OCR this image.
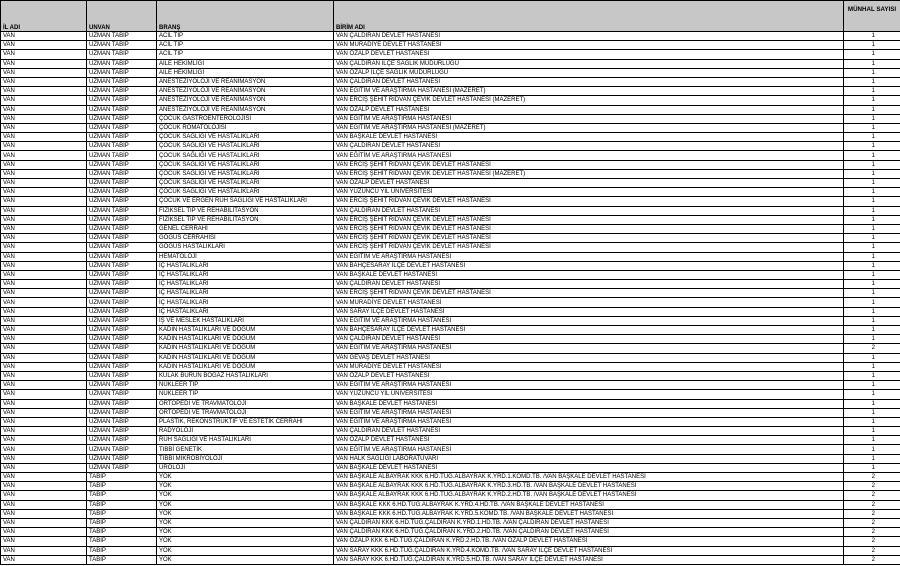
İL ADI	UNVAN	BRANŞ	BİRİM ADI	MÜNHAL SAYISI
VAN	UZMAN TABİP	ACİL TIP	VAN ÇALDIRAN DEVLET HASTANESİ	1
VAN	UZMAN TABİP	ACİL TIP	VAN MURADİYE DEVLET HASTANESİ	1
VAN	UZMAN TABİP	ACİL TIP	VAN ÖZALP DEVLET HASTANESİ	1
VAN	UZMAN TABİP	AİLE HEKİMLİĞİ	VAN ÇALDIRAN İLÇE SAĞLIK MÜDÜRLÜĞÜ	1
VAN	UZMAN TABİP	AİLE HEKİMLİĞİ	VAN ÖZALP İLÇE SAĞLIK MÜDÜRLÜĞÜ	1
VAN	UZMAN TABİP	ANESTEZİYOLOJİ VE REANİMASYON	VAN ÇALDIRAN DEVLET HASTANESİ	1
VAN	UZMAN TABİP	ANESTEZİYOLOJİ VE REANİMASYON	VAN EĞİTİM VE ARAŞTIRMA HASTANESİ (MAZERET)	1
VAN	UZMAN TABİP	ANESTEZİYOLOJİ VE REANİMASYON	VAN ERCİŞ ŞEHİT RIDVAN ÇEVİK DEVLET HASTANESİ (MAZERET)	1
VAN	UZMAN TABİP	ANESTEZİYOLOJİ VE REANİMASYON	VAN ÖZALP DEVLET HASTANESİ	1
VAN	UZMAN TABİP	ÇOCUK GASTROENTEROLOJİSİ	VAN EĞİTİM VE ARAŞTIRMA HASTANESİ	1
VAN	UZMAN TABİP	ÇOCUK ROMATOLOJİSİ	VAN EĞİTİM VE ARAŞTIRMA HASTANESİ (MAZERET)	1
VAN	UZMAN TABİP	ÇOCUK SAĞLIĞI VE HASTALIKLARI	VAN BAŞKALE DEVLET HASTANESİ	1
VAN	UZMAN TABİP	ÇOCUK SAĞLIĞI VE HASTALIKLARI	VAN ÇALDIRAN DEVLET HASTANESİ	1
VAN	UZMAN TABİP	ÇOCUK SAĞLIĞI VE HASTALIKLARI	VAN EĞİTİM VE ARAŞTIRMA HASTANESİ	1
VAN	UZMAN TABİP	ÇOCUK SAĞLIĞI VE HASTALIKLARI	VAN ERCİŞ ŞEHİT RIDVAN ÇEVİK DEVLET HASTANESİ	1
VAN	UZMAN TABİP	ÇOCUK SAĞLIĞI VE HASTALIKLARI	VAN ERCİŞ ŞEHİT RIDVAN ÇEVİK DEVLET HASTANESİ (MAZERET)	1
VAN	UZMAN TABİP	ÇOCUK SAĞLIĞI VE HASTALIKLARI	VAN ÖZALP DEVLET HASTANESİ	1
VAN	UZMAN TABİP	ÇOCUK SAĞLIĞI VE HASTALIKLARI	VAN YÜZÜNCÜ YIL ÜNİVERSİTESİ	1
VAN	UZMAN TABİP	ÇOCUK VE ERGEN RUH SAĞLIĞI VE HASTALIKLARI	VAN ERCİŞ ŞEHİT RIDVAN ÇEVİK DEVLET HASTANESİ	1
VAN	UZMAN TABİP	FİZİKSEL TIP VE REHABİLİTASYON	VAN ÇALDIRAN DEVLET HASTANESİ	1
VAN	UZMAN TABİP	FİZİKSEL TIP VE REHABİLİTASYON	VAN ERCİŞ ŞEHİT RIDVAN ÇEVİK DEVLET HASTANESİ	1
VAN	UZMAN TABİP	GENEL CERRAHİ	VAN ERCİŞ ŞEHİT RIDVAN ÇEVİK DEVLET HASTANESİ	1
VAN	UZMAN TABİP	GÖĞÜS CERRAHİSİ	VAN ERCİŞ ŞEHİT RIDVAN ÇEVİK DEVLET HASTANESİ	1
VAN	UZMAN TABİP	GÖĞÜS HASTALIKLARI	VAN ERCİŞ ŞEHİT RIDVAN ÇEVİK DEVLET HASTANESİ	1
VAN	UZMAN TABİP	HEMATOLOJİ	VAN EĞİTİM VE ARAŞTIRMA HASTANESİ	1
VAN	UZMAN TABİP	İÇ HASTALIKLARI	VAN BAHÇESARAY İLÇE DEVLET HASTANESİ	1
VAN	UZMAN TABİP	İÇ HASTALIKLARI	VAN BAŞKALE DEVLET HASTANESİ	1
VAN	UZMAN TABİP	İÇ HASTALIKLARI	VAN ÇALDIRAN DEVLET HASTANESİ	1
VAN	UZMAN TABİP	İÇ HASTALIKLARI	VAN ERCİŞ ŞEHİT RIDVAN ÇEVİK DEVLET HASTANESİ	1
VAN	UZMAN TABİP	İÇ HASTALIKLARI	VAN MURADİYE DEVLET HASTANESİ	1
VAN	UZMAN TABİP	İÇ HASTALIKLARI	VAN SARAY İLÇE DEVLET HASTANESİ	1
VAN	UZMAN TABİP	İŞ VE MESLEK HASTALIKLARI	VAN EĞİTİM VE ARAŞTIRMA HASTANESİ	1
VAN	UZMAN TABİP	KADIN HASTALIKLARI VE DOĞUM	VAN BAHÇESARAY İLÇE DEVLET HASTANESİ	1
VAN	UZMAN TABİP	KADIN HASTALIKLARI VE DOĞUM	VAN ÇALDIRAN DEVLET HASTANESİ	1
VAN	UZMAN TABİP	KADIN HASTALIKLARI VE DOĞUM	VAN EĞİTİM VE ARAŞTIRMA HASTANESİ	2
VAN	UZMAN TABİP	KADIN HASTALIKLARI VE DOĞUM	VAN GEVAŞ DEVLET HASTANESİ	1
VAN	UZMAN TABİP	KADIN HASTALIKLARI VE DOĞUM	VAN MURADİYE DEVLET HASTANESİ	1
VAN	UZMAN TABİP	KULAK BURUN BOĞAZ HASTALIKLARI	VAN ÖZALP DEVLET HASTANESİ	1
VAN	UZMAN TABİP	NÜKLEER TIP	VAN EĞİTİM VE ARAŞTIRMA HASTANESİ	1
VAN	UZMAN TABİP	NÜKLEER TIP	VAN YÜZÜNCÜ YIL ÜNİVERSİTESİ	1
VAN	UZMAN TABİP	ORTOPEDİ VE TRAVMATOLOJİ	VAN BAŞKALE DEVLET HASTANESİ	1
VAN	UZMAN TABİP	ORTOPEDİ VE TRAVMATOLOJİ	VAN EĞİTİM VE ARAŞTIRMA HASTANESİ	1
VAN	UZMAN TABİP	PLASTİK, REKONSTRÜKTİF VE ESTETİK CERRAHİ	VAN EĞİTİM VE ARAŞTIRMA HASTANESİ	1
VAN	UZMAN TABİP	RADYOLOJİ	VAN ÇALDIRAN DEVLET HASTANESİ	1
VAN	UZMAN TABİP	RUH SAĞLIĞI VE HASTALIKLARI	VAN ÖZALP DEVLET HASTANESİ	1
VAN	UZMAN TABİP	TIBBİ GENETİK	VAN EĞİTİM VE ARAŞTIRMA HASTANESİ	1
VAN	UZMAN TABİP	TIBBİ MİKROBİYOLOJİ	VAN HALK SAĞLIĞI LABORATUVARI	1
VAN	UZMAN TABİP	ÜROLOJİ	VAN BAŞKALE DEVLET HASTANESİ	1
VAN	TABİP	YOK	VAN BAŞKALE ALBAYRAK KKK 6.HD.TUĞ.ALBAYRAK K.YRD.1.KOMD.TB. /VAN BAŞKALE DEVLET HASTANESİ	2
VAN	TABİP	YOK	VAN BAŞKALE ALBAYRAK KKK 6.HD.TUĞ.ALBAYRAK K.YRD.3.HD.TB. /VAN BAŞKALE DEVLET HASTANESİ	2
VAN	TABİP	YOK	VAN BAŞKALE ALBAYRAK KKK 6.HD.TUĞ.ALBAYRAK K.YRD.2.HD.TB. /VAN BAŞKALE DEVLET HASTANESİ	2
VAN	TABİP	YOK	VAN BAŞKALE KKK 6.HD.TUĞ.ALBAYRAK K.YRD.4.HD.TB. /VAN BAŞKALE DEVLET HASTANESİ	2
VAN	TABİP	YOK	VAN BAŞKALE KKK 6.HD.TUĞ.ALBAYRAK K.YRD.5.KOMD.TB. /VAN BAŞKALE DEVLET HASTANESİ	2
VAN	TABİP	YOK	VAN ÇALDIRAN KKK 6.HD.TUĞ.ÇALDIRAN K.YRD.1.HD.TB. /VAN ÇALDIRAN DEVLET HASTANESİ	2
VAN	TABİP	YOK	VAN ÇALDIRAN KKK 6.HD.TUĞ.ÇALDIRAN K.YRD.2.HD.TB. /VAN ÇALDIRAN DEVLET HASTANESİ	2
VAN	TABİP	YOK	VAN ÖZALP KKK 6.HD.TUĞ.ÇALDIRAN K.YRD.2.HD.TB. /VAN ÖZALP DEVLET HASTANESİ	2
VAN	TABİP	YOK	VAN SARAY KKK 6.HD.TUĞ.ÇALDIRAN K.YRD.4.KOMD.TB. /VAN SARAY İLÇE DEVLET HASTANESİ	2
VAN	TABİP	YOK	VAN SARAY KKK 6.HD.TUĞ.ÇALDIRAN K.YRD.5.HD.TB. /VAN SARAY İLÇE DEVLET HASTANESİ	2
